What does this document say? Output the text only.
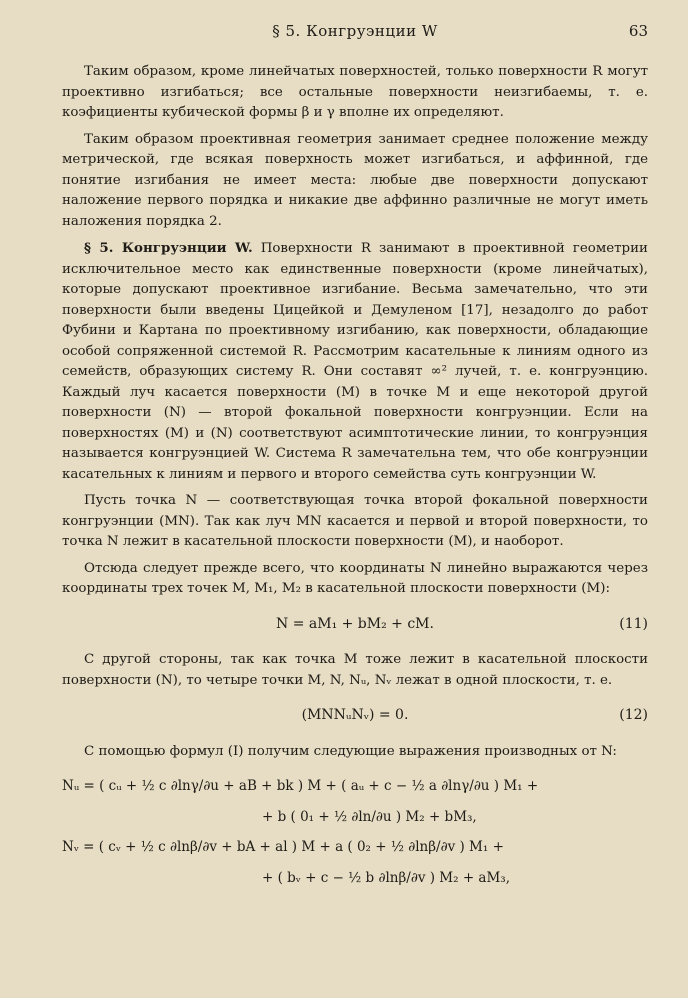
§ 5. Конгруэнции W	63

Таким образом, кроме линейчатых поверхностей, только поверхности R могут проективно изгибаться; все остальные поверхности неизгибаемы, т. е. коэфициенты кубической формы β и γ вполне их определяют.

Таким образом проективная геометрия занимает среднее положение между метрической, где всякая поверхность может изгибаться, и аффинной, где понятие изгибания не имеет места: любые две поверхности допускают наложение первого порядка и никакие две аффинно различные не могут иметь наложения порядка 2.

§ 5. Конгруэнции W. Поверхности R занимают в проективной геометрии исключительное место как единственные поверхности (кроме линейчатых), которые допускают проективное изгибание. Весьма замечательно, что эти поверхности были введены Цицейкой и Демуленом [17], незадолго до работ Фубини и Картана по проективному изгибанию, как поверхности, обладающие особой сопряженной системой R. Рассмотрим касательные к линиям одного из семейств, образующих систему R. Они составят ∞² лучей, т. е. конгруэнцию. Каждый луч касается поверхности (M) в точке M и еще некоторой другой поверхности (N) — второй фокальной поверхности конгруэнции. Если на поверхностях (M) и (N) соответствуют асимптотические линии, то конгруэнция называется конгруэнцией W. Система R замечательна тем, что обе конгруэнции касательных к линиям и первого и второго семейства суть конгруэнции W.

Пусть точка N — соответствующая точка второй фокальной поверхности конгруэнции (MN). Так как луч MN касается и первой и второй поверхности, то точка N лежит в касательной плоскости поверхности (M), и наоборот.

Отсюда следует прежде всего, что координаты N линейно выражаются через координаты трех точек M, M₁, M₂ в касательной плоскости поверхности (M):

N = aM₁ + bM₂ + cM.	(11)

С другой стороны, так как точка M тоже лежит в касательной плоскости поверхности (N), то четыре точки M, N, Nᵤ, Nᵥ лежат в одной плоскости, т. е.

(MNNᵤNᵥ) = 0.	(12)

С помощью формул (I) получим следующие выражения производных от N:

Nᵤ = ( cᵤ + ½ c ∂lnγ/∂u + aB + bk ) M + ( aᵤ + c − ½ a ∂lnγ/∂u ) M₁ +
+ b ( 0₁ + ½ ∂ln/∂u ) M₂ + bM₃,
Nᵥ = ( cᵥ + ½ c ∂lnβ/∂v + bA + al ) M + a ( 0₂ + ½ ∂lnβ/∂v ) M₁ +
+ ( bᵥ + c − ½ b ∂lnβ/∂v ) M₂ + aM₃,
